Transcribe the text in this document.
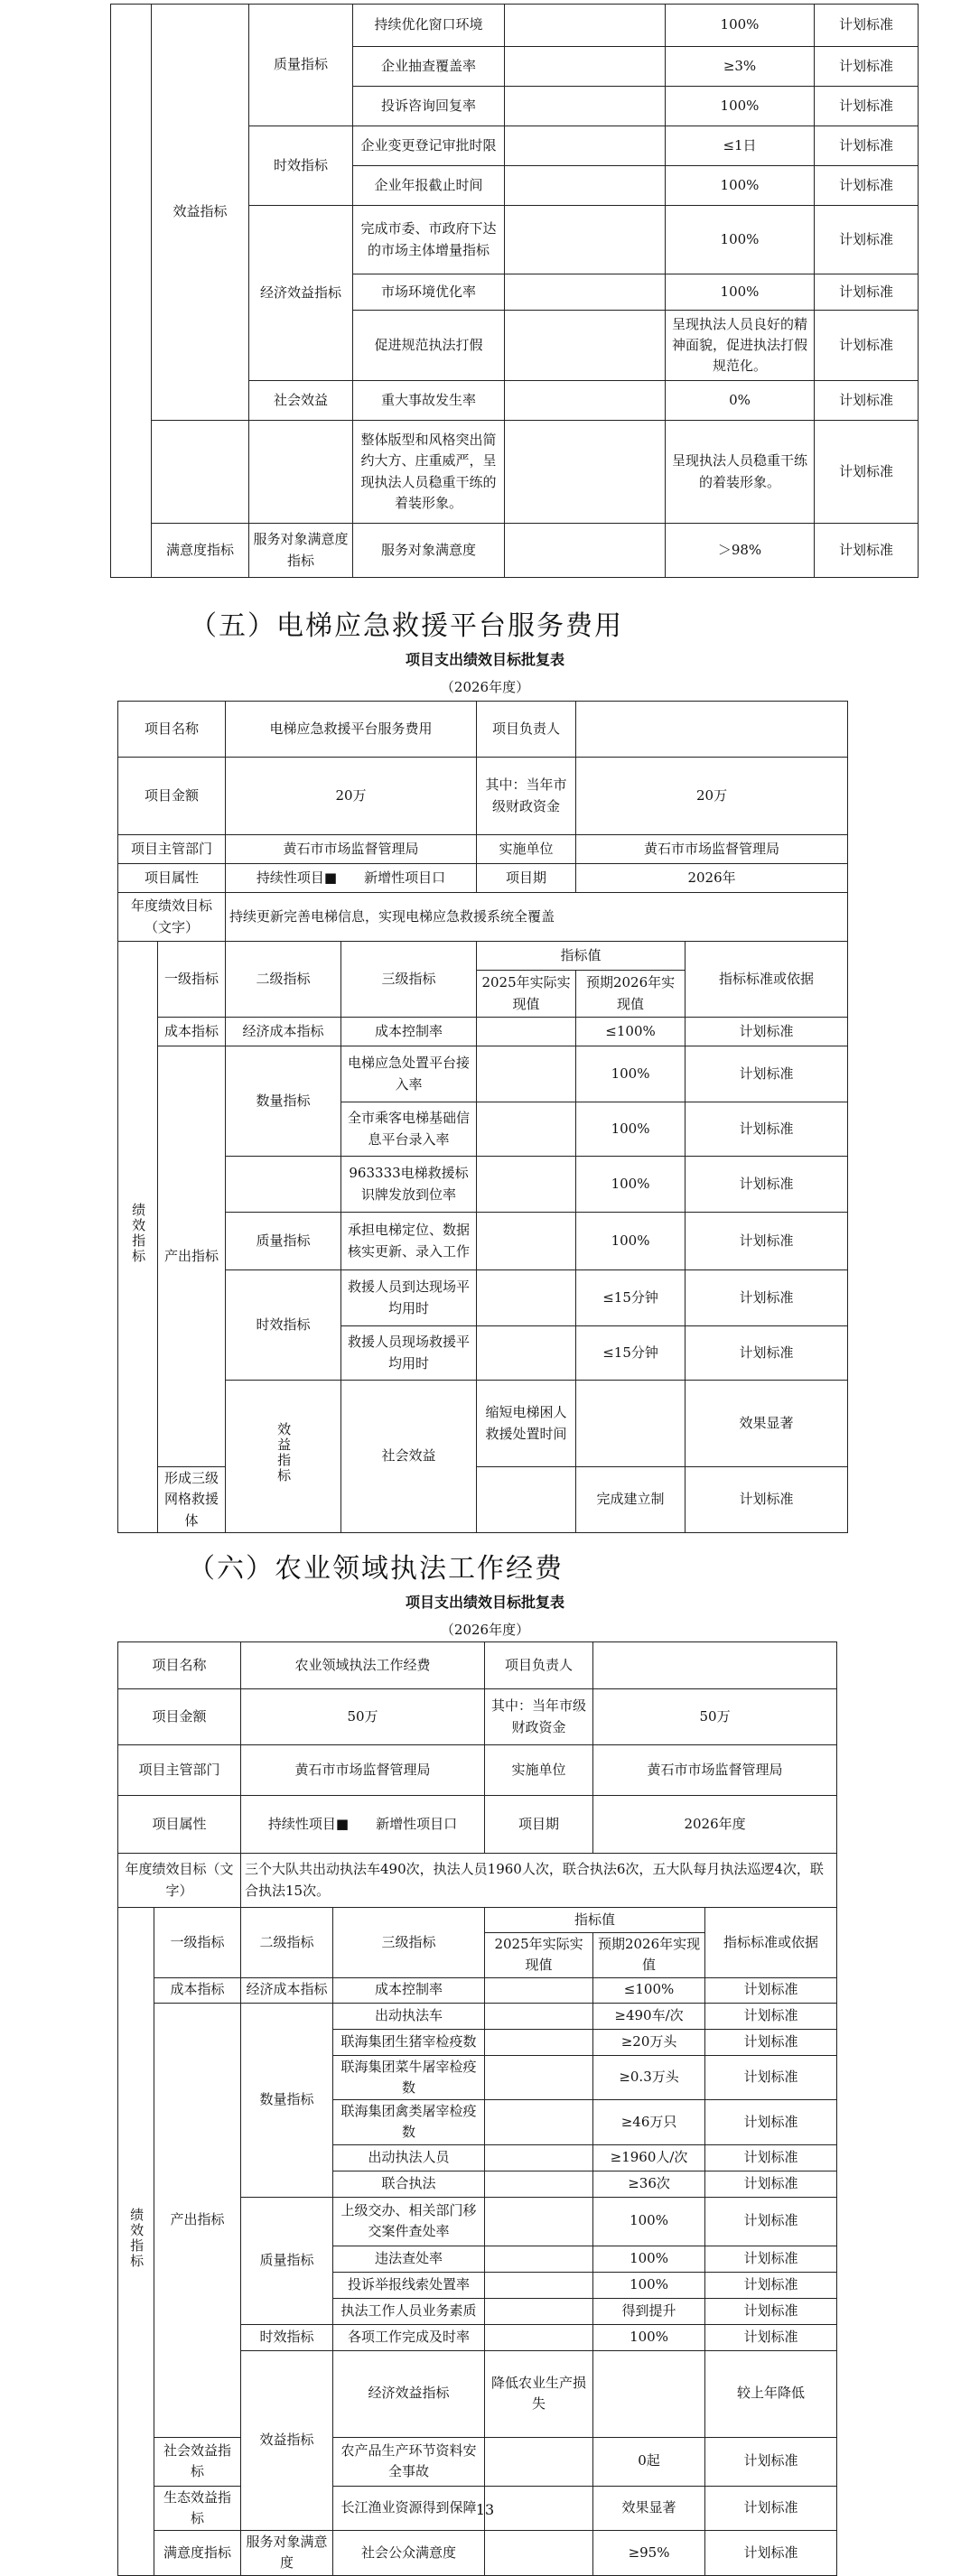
	效益指标	质量指标	持续优化窗口环境		100%	计划标准
			企业抽查覆盖率		≥3%	计划标准
			投诉咨询回复率		100%	计划标准
		时效指标	企业变更登记审批时限		≤1日	计划标准
			企业年报截止时间		100%	计划标准
		经济效益指标	完成市委、市政府下达的市场主体增量指标		100%	计划标准
			市场环境优化率		100%	计划标准
			促进规范执法打假		呈现执法人员良好的精神面貌，促进执法打假规范化。	计划标准
		社会效益	重大事故发生率		0%	计划标准
			整体版型和风格突出简约大方、庄重威严，呈现执法人员稳重干练的着装形象。		呈现执法人员稳重干练的着装形象。	计划标准
	满意度指标	服务对象满意度指标	服务对象满意度		＞98%	计划标准
（五）电梯应急救援平台服务费用
项目支出绩效目标批复表
（2026年度）
项目名称		电梯应急救援平台服务费用		项目负责人			
项目金额		20万		其中：当年市级财政资金	20万		
项目主管部门		黄石市市场监督管理局		实施单位	黄石市市场监督管理局		
项目属性		持续性项目■　　新增性项目口		项目期	2026年		
年度绩效目标（文字）		持续更新完善电梯信息，实现电梯应急救援系统全覆盖					
绩效指标	一级指标	二级指标	三级指标	指标值		指标标准或依据	
				2025年实际实现值	预期2026年实现值		
	成本指标	经济成本指标	成本控制率		≤100%	计划标准	
	产出指标	数量指标	电梯应急处置平台接入率		100%	计划标准	
			全市乘客电梯基础信息平台录入率		100%	计划标准	
			963333电梯救援标识牌发放到位率		100%	计划标准	
		质量指标	承担电梯定位、数据核实更新、录入工作		100%	计划标准	
		时效指标	救援人员到达现场平均用时		≤15分钟	计划标准	
			救援人员现场救援平均用时		≤15分钟	计划标准	
		效益指标	社会效益	缩短电梯困人救援处置时间		效果显著	
	形成三级网格救援体				完成建立制	计划标准	
（六）农业领域执法工作经费
项目支出绩效目标批复表
（2026年度）
项目名称		农业领域执法工作经费		项目负责人			
项目金额		50万		其中：当年市级财政资金	50万		
项目主管部门		黄石市市场监督管理局		实施单位	黄石市市场监督管理局		
项目属性		持续性项目■　　新增性项目口		项目期	2026年度		
年度绩效目标（文字）		三个大队共出动执法车490次，执法人员1960人次，联合执法6次，五大队每月执法巡逻4次，联合执法15次。					
绩效指标	一级指标	二级指标	三级指标	指标值		指标标准或依据	
				2025年实际实现值	预期2026年实现值		
	成本指标	经济成本指标	成本控制率		≤100%	计划标准	
	产出指标	数量指标	出动执法车		≥490车/次	计划标准	
			联海集团生猪宰检疫数		≥20万头	计划标准	
			联海集团菜牛屠宰检疫数		≥0.3万头	计划标准	
			联海集团禽类屠宰检疫数		≥46万只	计划标准	
			出动执法人员		≥1960人/次	计划标准	
			联合执法		≥36次	计划标准	
		质量指标	上级交办、相关部门移交案件查处率		100%	计划标准	
			违法查处率		100%	计划标准	
			投诉举报线索处置率		100%	计划标准	
			执法工作人员业务素质		得到提升	计划标准	
		时效指标	各项工作完成及时率		100%	计划标准	
		效益指标	经济效益指标	降低农业生产损失		较上年降低	
	社会效益指标		农产品生产环节资料安全事故		0起	计划标准	
	生态效益指标		长江渔业资源得到保障		效果显著	计划标准	
	满意度指标	服务对象满意度	社会公众满意度		≥95%	计划标准	
13
